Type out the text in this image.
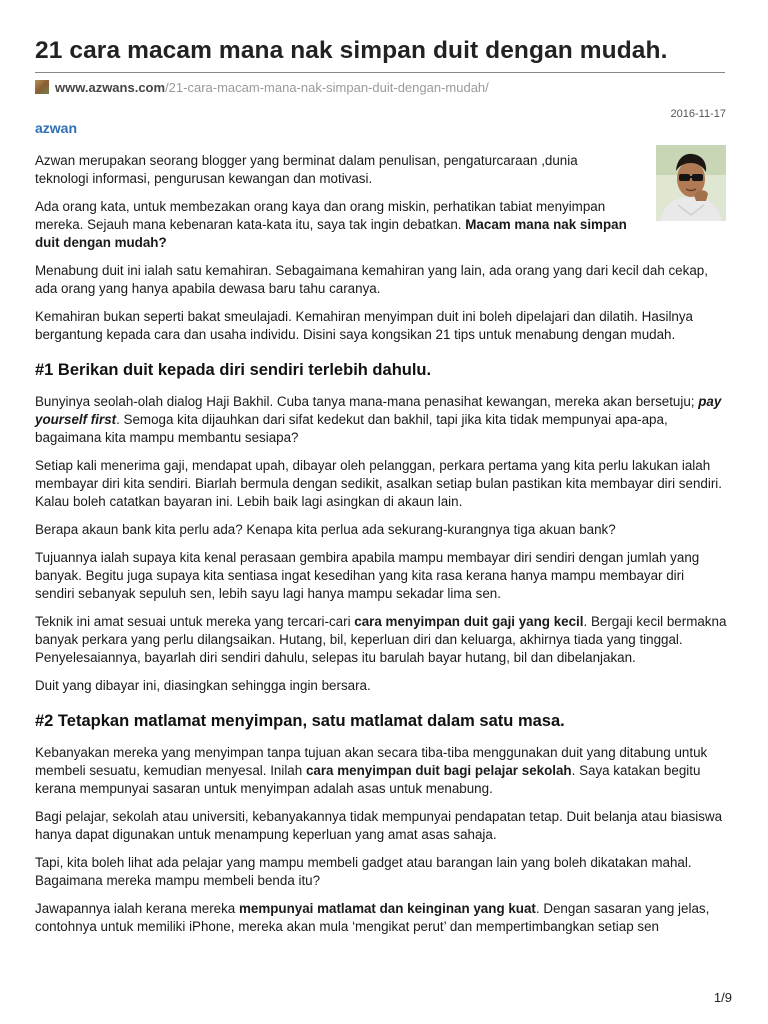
21 cara macam mana nak simpan duit dengan mudah.
www.azwans.com/21-cara-macam-mana-nak-simpan-duit-dengan-mudah/
2016-11-17
azwan

Azwan merupakan seorang blogger yang berminat dalam penulisan, pengaturcaraan ,dunia teknologi informasi, pengurusan kewangan dan motivasi.

Ada orang kata, untuk membezakan orang kaya dan orang miskin, perhatikan tabiat menyimpan mereka. Sejauh mana kebenaran kata-kata itu, saya tak ingin debatkan. Macam mana nak simpan duit dengan mudah?

Menabung duit ini ialah satu kemahiran. Sebagaimana kemahiran yang lain, ada orang yang dari kecil dah cekap, ada orang yang hanya apabila dewasa baru tahu caranya.

Kemahiran bukan seperti bakat smeulajadi. Kemahiran menyimpan duit ini boleh dipelajari dan dilatih. Hasilnya bergantung kepada cara dan usaha individu. Disini saya kongsikan 21 tips untuk menabung dengan mudah.

#1 Berikan duit kepada diri sendiri terlebih dahulu.

Bunyinya seolah-olah dialog Haji Bakhil. Cuba tanya mana-mana penasihat kewangan, mereka akan bersetuju; pay yourself first. Semoga kita dijauhkan dari sifat kedekut dan bakhil, tapi jika kita tidak mempunyai apa-apa, bagaimana kita mampu membantu sesiapa?

Setiap kali menerima gaji, mendapat upah, dibayar oleh pelanggan, perkara pertama yang kita perlu lakukan ialah membayar diri kita sendiri. Biarlah bermula dengan sedikit, asalkan setiap bulan pastikan kita membayar diri sendiri. Kalau boleh catatkan bayaran ini. Lebih baik lagi asingkan di akaun lain.

Berapa akaun bank kita perlu ada? Kenapa kita perlua ada sekurang-kurangnya tiga akuan bank?

Tujuannya ialah supaya kita kenal perasaan gembira apabila mampu membayar diri sendiri dengan jumlah yang banyak. Begitu juga supaya kita sentiasa ingat kesedihan yang kita rasa kerana hanya mampu membayar diri sendiri sebanyak sepuluh sen, lebih sayu lagi hanya mampu sekadar lima sen.

Teknik ini amat sesuai untuk mereka yang tercari-cari cara menyimpan duit gaji yang kecil. Bergaji kecil bermakna banyak perkara yang perlu dilangsaikan. Hutang, bil, keperluan diri dan keluarga, akhirnya tiada yang tinggal. Penyelesaiannya, bayarlah diri sendiri dahulu, selepas itu barulah bayar hutang, bil dan dibelanjakan.

Duit yang dibayar ini, diasingkan sehingga ingin bersara.

#2 Tetapkan matlamat menyimpan, satu matlamat dalam satu masa.

Kebanyakan mereka yang menyimpan tanpa tujuan akan secara tiba-tiba menggunakan duit yang ditabung untuk membeli sesuatu, kemudian menyesal. Inilah cara menyimpan duit bagi pelajar sekolah. Saya katakan begitu kerana mempunyai sasaran untuk menyimpan adalah asas untuk menabung.

Bagi pelajar, sekolah atau universiti, kebanyakannya tidak mempunyai pendapatan tetap. Duit belanja atau biasiswa hanya dapat digunakan untuk menampung keperluan yang amat asas sahaja.

Tapi, kita boleh lihat ada pelajar yang mampu membeli gadget atau barangan lain yang boleh dikatakan mahal. Bagaimana mereka mampu membeli benda itu?

Jawapannya ialah kerana mereka mempunyai matlamat dan keinginan yang kuat. Dengan sasaran yang jelas, contohnya untuk memiliki iPhone, mereka akan mula ‘mengikat perut’ dan mempertimbangkan setiap sen

1/9
